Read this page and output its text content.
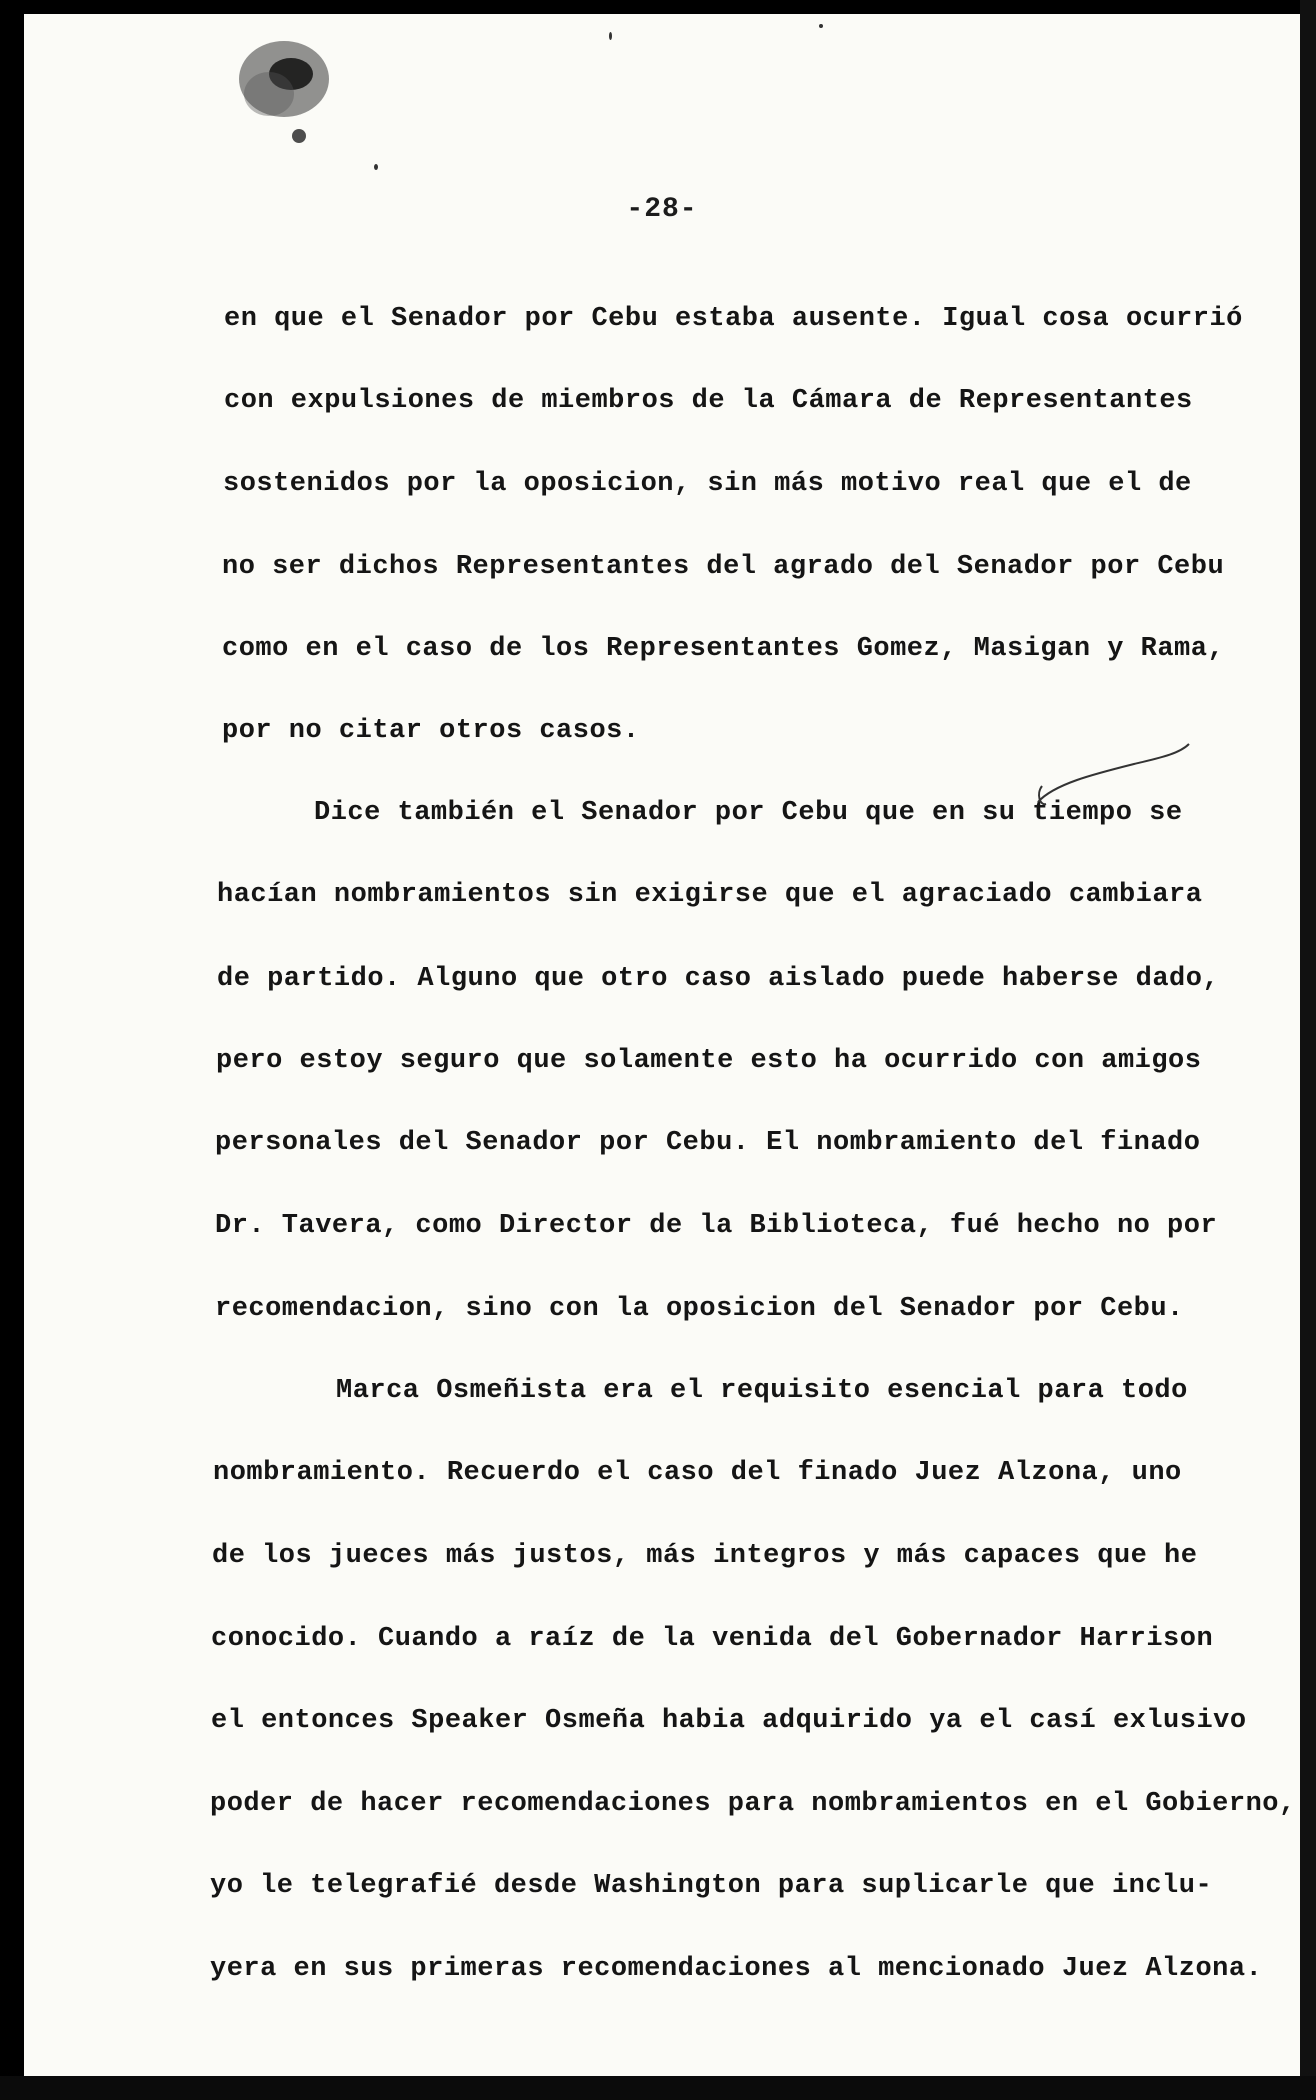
-28-
en que el Senador por Cebu estaba ausente. Igual cosa ocurrió
con expulsiones de miembros de la Cámara de Representantes
sostenidos por la oposicion, sin más motivo real que el de
no ser dichos Representantes del agrado del Senador por Cebu
como en el caso de los Representantes Gomez, Masigan y Rama,
por no citar otros casos.
Dice también el Senador por Cebu que en su tiempo se
hacían nombramientos sin exigirse que el agraciado cambiara
de partido. Alguno que otro caso aislado puede haberse dado,
pero estoy seguro que solamente esto ha ocurrido con amigos
personales del Senador por Cebu. El nombramiento del finado
Dr. Tavera, como Director de la Biblioteca, fué hecho no por
recomendacion, sino con la oposicion del Senador por Cebu.
Marca Osmeñista era el requisito esencial para todo
nombramiento. Recuerdo el caso del finado Juez Alzona, uno
de los jueces más justos, más integros y más capaces que he
conocido. Cuando a raíz de la venida del Gobernador Harrison
el entonces Speaker Osmeña habia adquirido ya el casí exlusivo
poder de hacer recomendaciones para nombramientos en el Gobierno,
yo le telegrafié desde Washington para suplicarle que inclu-
yera en sus primeras recomendaciones al mencionado Juez Alzona.
